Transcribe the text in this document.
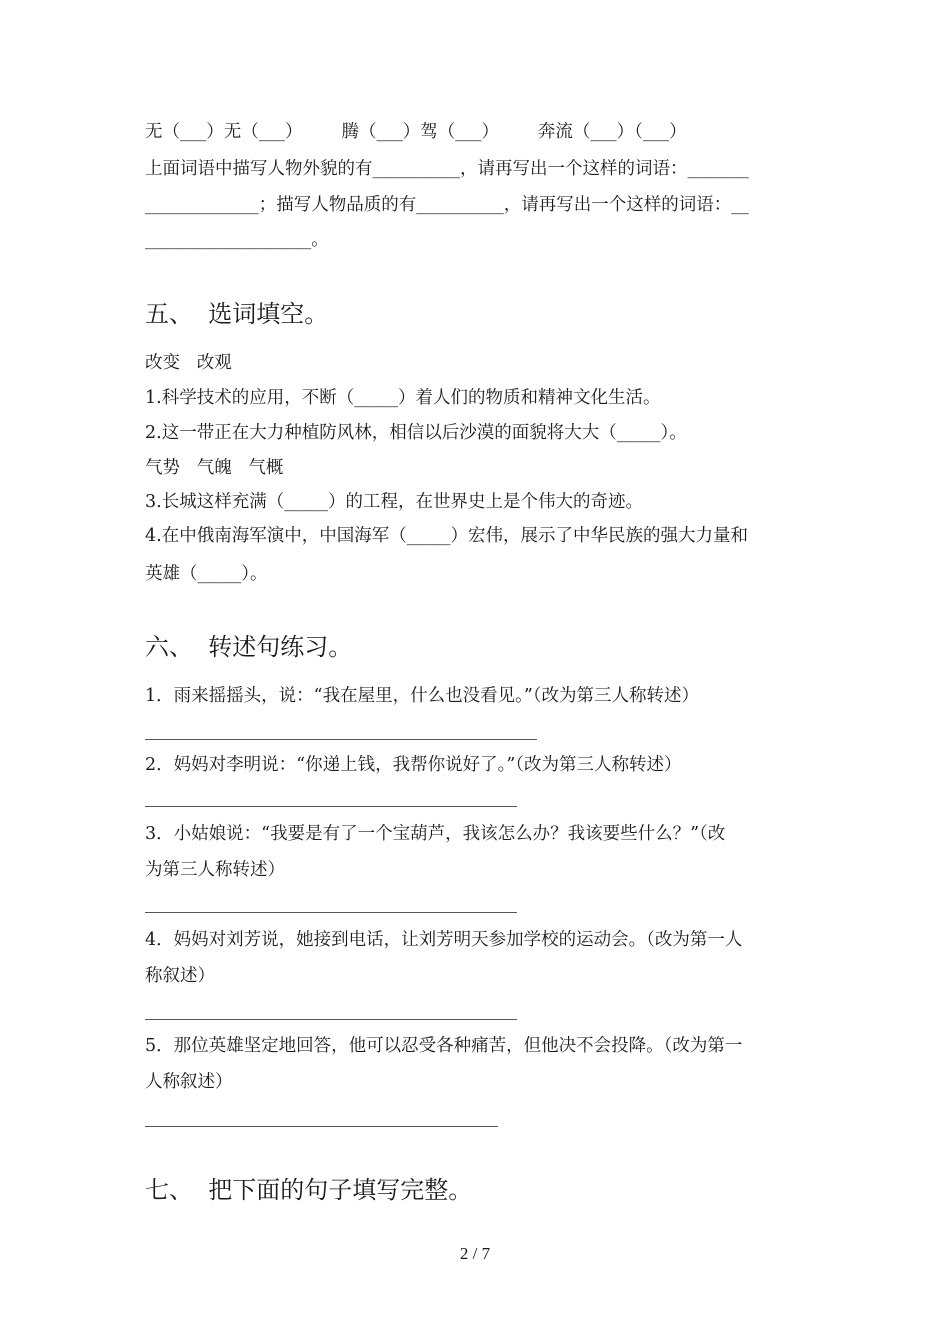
无（___）无（___）       腾（___）驾（___）       奔流（___）（___）
上面词语中描写人物外貌的有__________，请再写出一个这样的词语：_______
_____________；描写人物品质的有__________，请再写出一个这样的词语：__
___________________。
五、  选词填空。
改变   改观
1.科学技术的应用，不断（_____）着人们的物质和精神文化生活。
2.这一带正在大力种植防风林，相信以后沙漠的面貌将大大（_____）。
气势   气魄   气概
3.长城这样充满（_____）的工程，在世界史上是个伟大的奇迹。
4.在中俄南海军演中，中国海军（_____）宏伟，展示了中华民族的强大力量和
英雄（_____）。
六、  转述句练习。
1．雨来摇摇头，说：“我在屋里，什么也没看见。”（改为第三人称转述）
2．妈妈对李明说：“你递上钱，我帮你说好了。”（改为第三人称转述）
3．小姑娘说：“我要是有了一个宝葫芦，我该怎么办？我该要些什么？”（改
为第三人称转述）
4．妈妈对刘芳说，她接到电话，让刘芳明天参加学校的运动会。（改为第一人
称叙述）
5．那位英雄坚定地回答，他可以忍受各种痛苦，但他决不会投降。（改为第一
人称叙述）
七、  把下面的句子填写完整。
2 / 7
